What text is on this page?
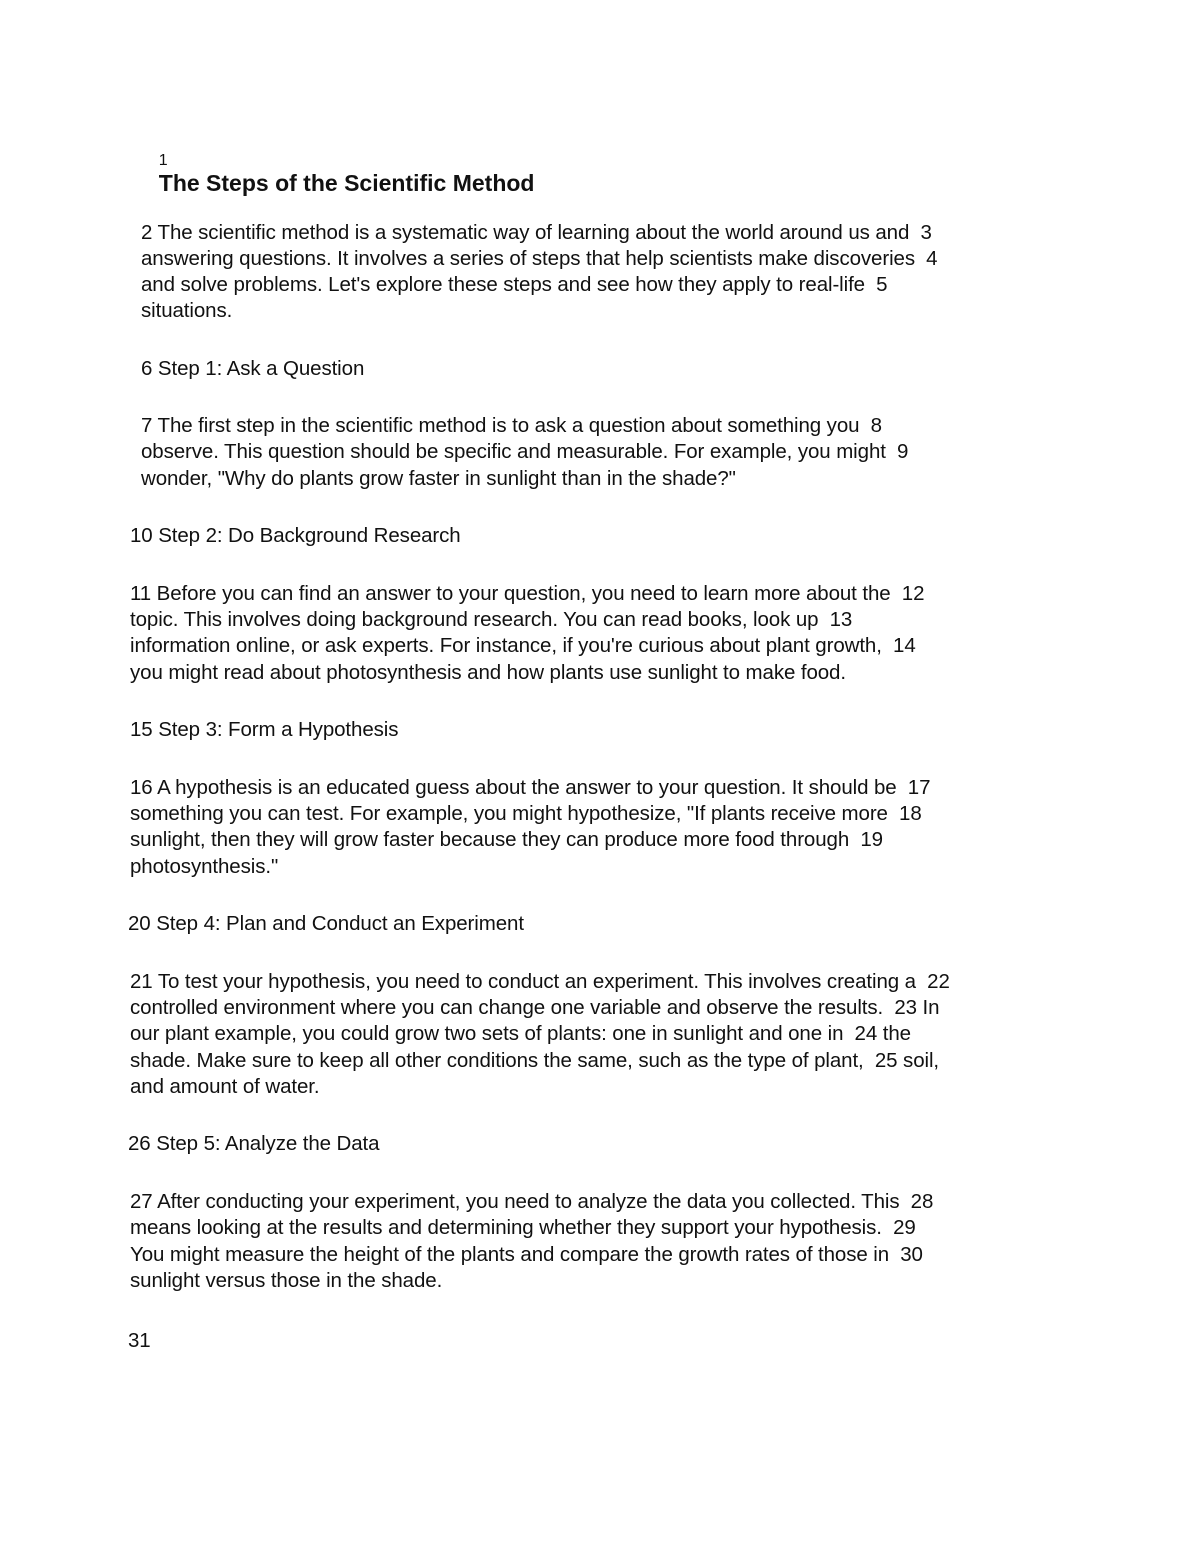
1
The Steps of the Scientific Method

2 The scientific method is a systematic way of learning about the world around us and  3
answering questions. It involves a series of steps that help scientists make discoveries  4
and solve problems. Let's explore these steps and see how they apply to real-life  5
situations.
6 Step 1: Ask a Question
7 The first step in the scientific method is to ask a question about something you  8
observe. This question should be specific and measurable. For example, you might  9
wonder, "Why do plants grow faster in sunlight than in the shade?"
10 Step 2: Do Background Research
11 Before you can find an answer to your question, you need to learn more about the  12
topic. This involves doing background research. You can read books, look up  13
information online, or ask experts. For instance, if you're curious about plant growth,  14
you might read about photosynthesis and how plants use sunlight to make food.
15 Step 3: Form a Hypothesis
16 A hypothesis is an educated guess about the answer to your question. It should be  17
something you can test. For example, you might hypothesize, "If plants receive more  18
sunlight, then they will grow faster because they can produce more food through  19
photosynthesis."
20 Step 4: Plan and Conduct an Experiment
21 To test your hypothesis, you need to conduct an experiment. This involves creating a  22
controlled environment where you can change one variable and observe the results.  23 In
our plant example, you could grow two sets of plants: one in sunlight and one in  24 the
shade. Make sure to keep all other conditions the same, such as the type of plant,  25 soil,
and amount of water.
26 Step 5: Analyze the Data
27 After conducting your experiment, you need to analyze the data you collected. This  28
means looking at the results and determining whether they support your hypothesis.  29
You might measure the height of the plants and compare the growth rates of those in  30
sunlight versus those in the shade.
31
